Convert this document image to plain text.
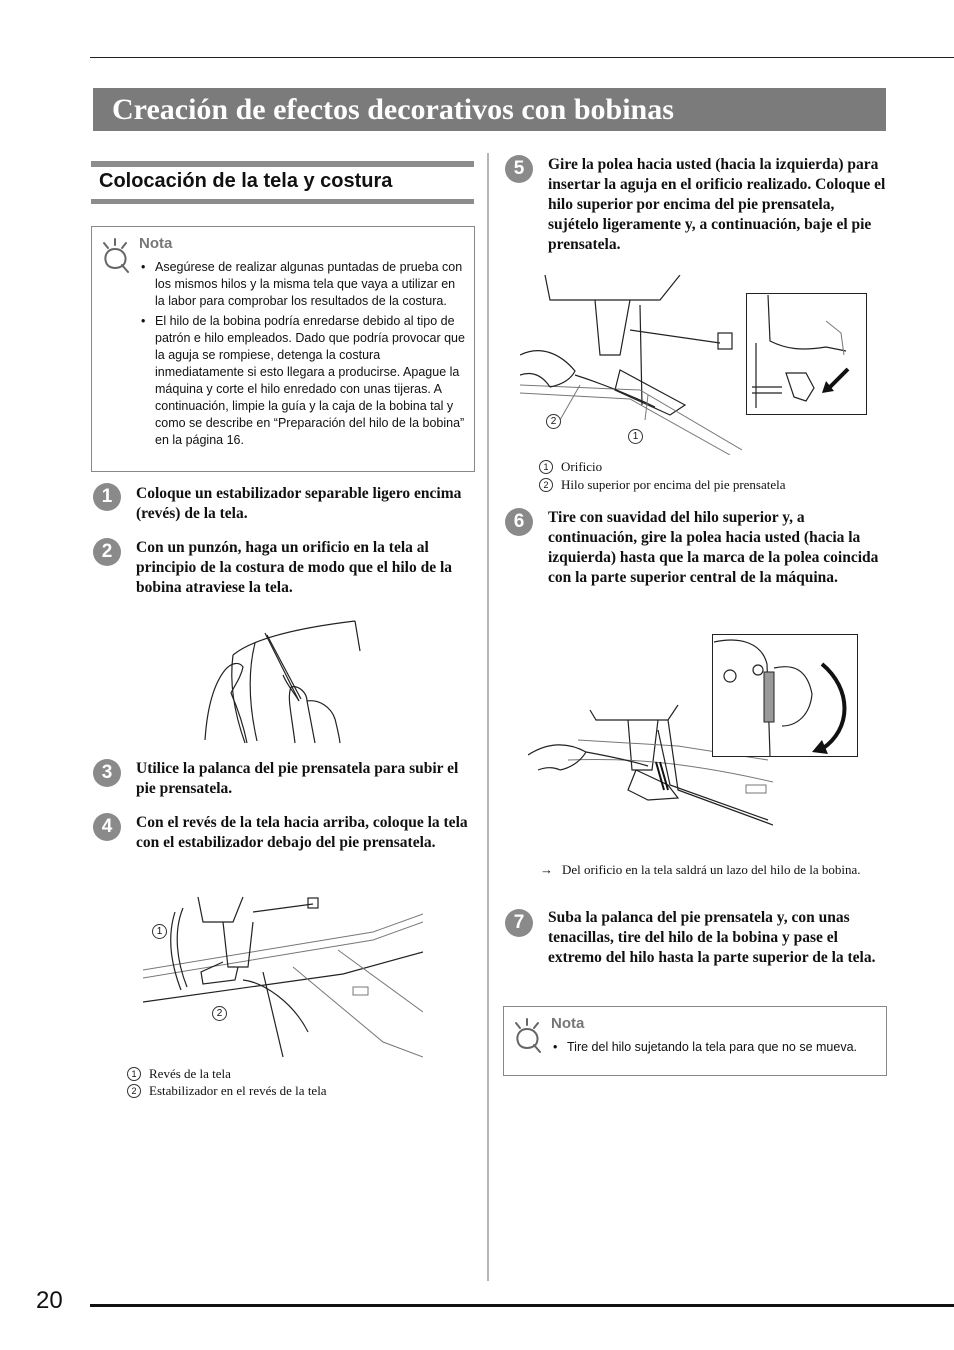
Creación de efectos decorativos con bobinas
Colocación de la tela y costura
Nota
• Asegúrese de realizar algunas puntadas de prueba con los mismos hilos y la misma tela que vaya a utilizar en la labor para comprobar los resultados de la costura.
• El hilo de la bobina podría enredarse debido al tipo de patrón e hilo empleados. Dado que podría provocar que la aguja se rompiese, detenga la costura inmediatamente si esto llegara a producirse. Apague la máquina y corte el hilo enredado con unas tijeras. A continuación, limpie la guía y la caja de la bobina tal y como se describe en “Preparación del hilo de la bobina” en la página 16.
1	Coloque un estabilizador separable ligero encima (revés) de la tela.
2	Con un punzón, haga un orificio en la tela al principio de la costura de modo que el hilo de la bobina atraviese la tela.
3	Utilice la palanca del pie prensatela para subir el pie prensatela.
4	Con el revés de la tela hacia arriba, coloque la tela con el estabilizador debajo del pie prensatela.
1
2
1 Revés de la tela
2 Estabilizador en el revés de la tela
5	Gire la polea hacia usted (hacia la izquierda) para insertar la aguja en el orificio realizado. Coloque el hilo superior por encima del pie prensatela, sujételo ligeramente y, a continuación, baje el pie prensatela.
2
1
1 Orificio
2 Hilo superior por encima del pie prensatela
6	Tire con suavidad del hilo superior y, a continuación, gire la polea hacia usted (hacia la izquierda) hasta que la marca de la polea coincida con la parte superior central de la máquina.
→ Del orificio en la tela saldrá un lazo del hilo de la bobina.
7	Suba la palanca del pie prensatela y, con unas tenacillas, tire del hilo de la bobina y pase el extremo del hilo hasta la parte superior de la tela.
Nota
• Tire del hilo sujetando la tela para que no se mueva.
20
